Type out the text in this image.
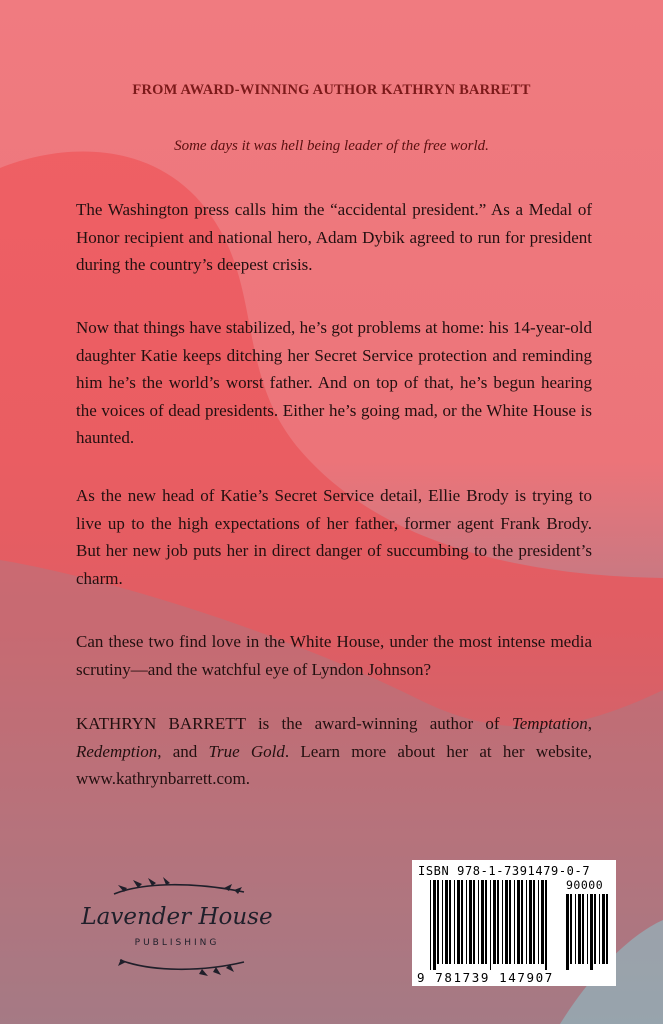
FROM AWARD-WINNING AUTHOR KATHRYN BARRETT
Some days it was hell being leader of the free world.

The Washington press calls him the “accidental president.” As a Medal of Honor recipient and national hero, Adam Dybik agreed to run for president during the country’s deepest crisis.

Now that things have stabilized, he’s got problems at home: his 14-year-old daughter Katie keeps ditching her Secret Service protection and reminding him he’s the world’s worst father. And on top of that, he’s begun hearing the voices of dead presidents. Either he’s going mad, or the White House is haunted.

As the new head of Katie’s Secret Service detail, Ellie Brody is trying to live up to the high expectations of her father, former agent Frank Brody. But her new job puts her in direct danger of succumbing to the president’s charm.

Can these two find love in the White House, under the most intense media scrutiny—and the watchful eye of Lyndon Johnson?

KATHRYN BARRETT is the award-winning author of Temptation, Redemption, and True Gold. Learn more about her at her website, www.kathrynbarrett.com.

Lavender House
PUBLISHING
ISBN 978-1-7391479-0-7
90000
9 781739 147907
